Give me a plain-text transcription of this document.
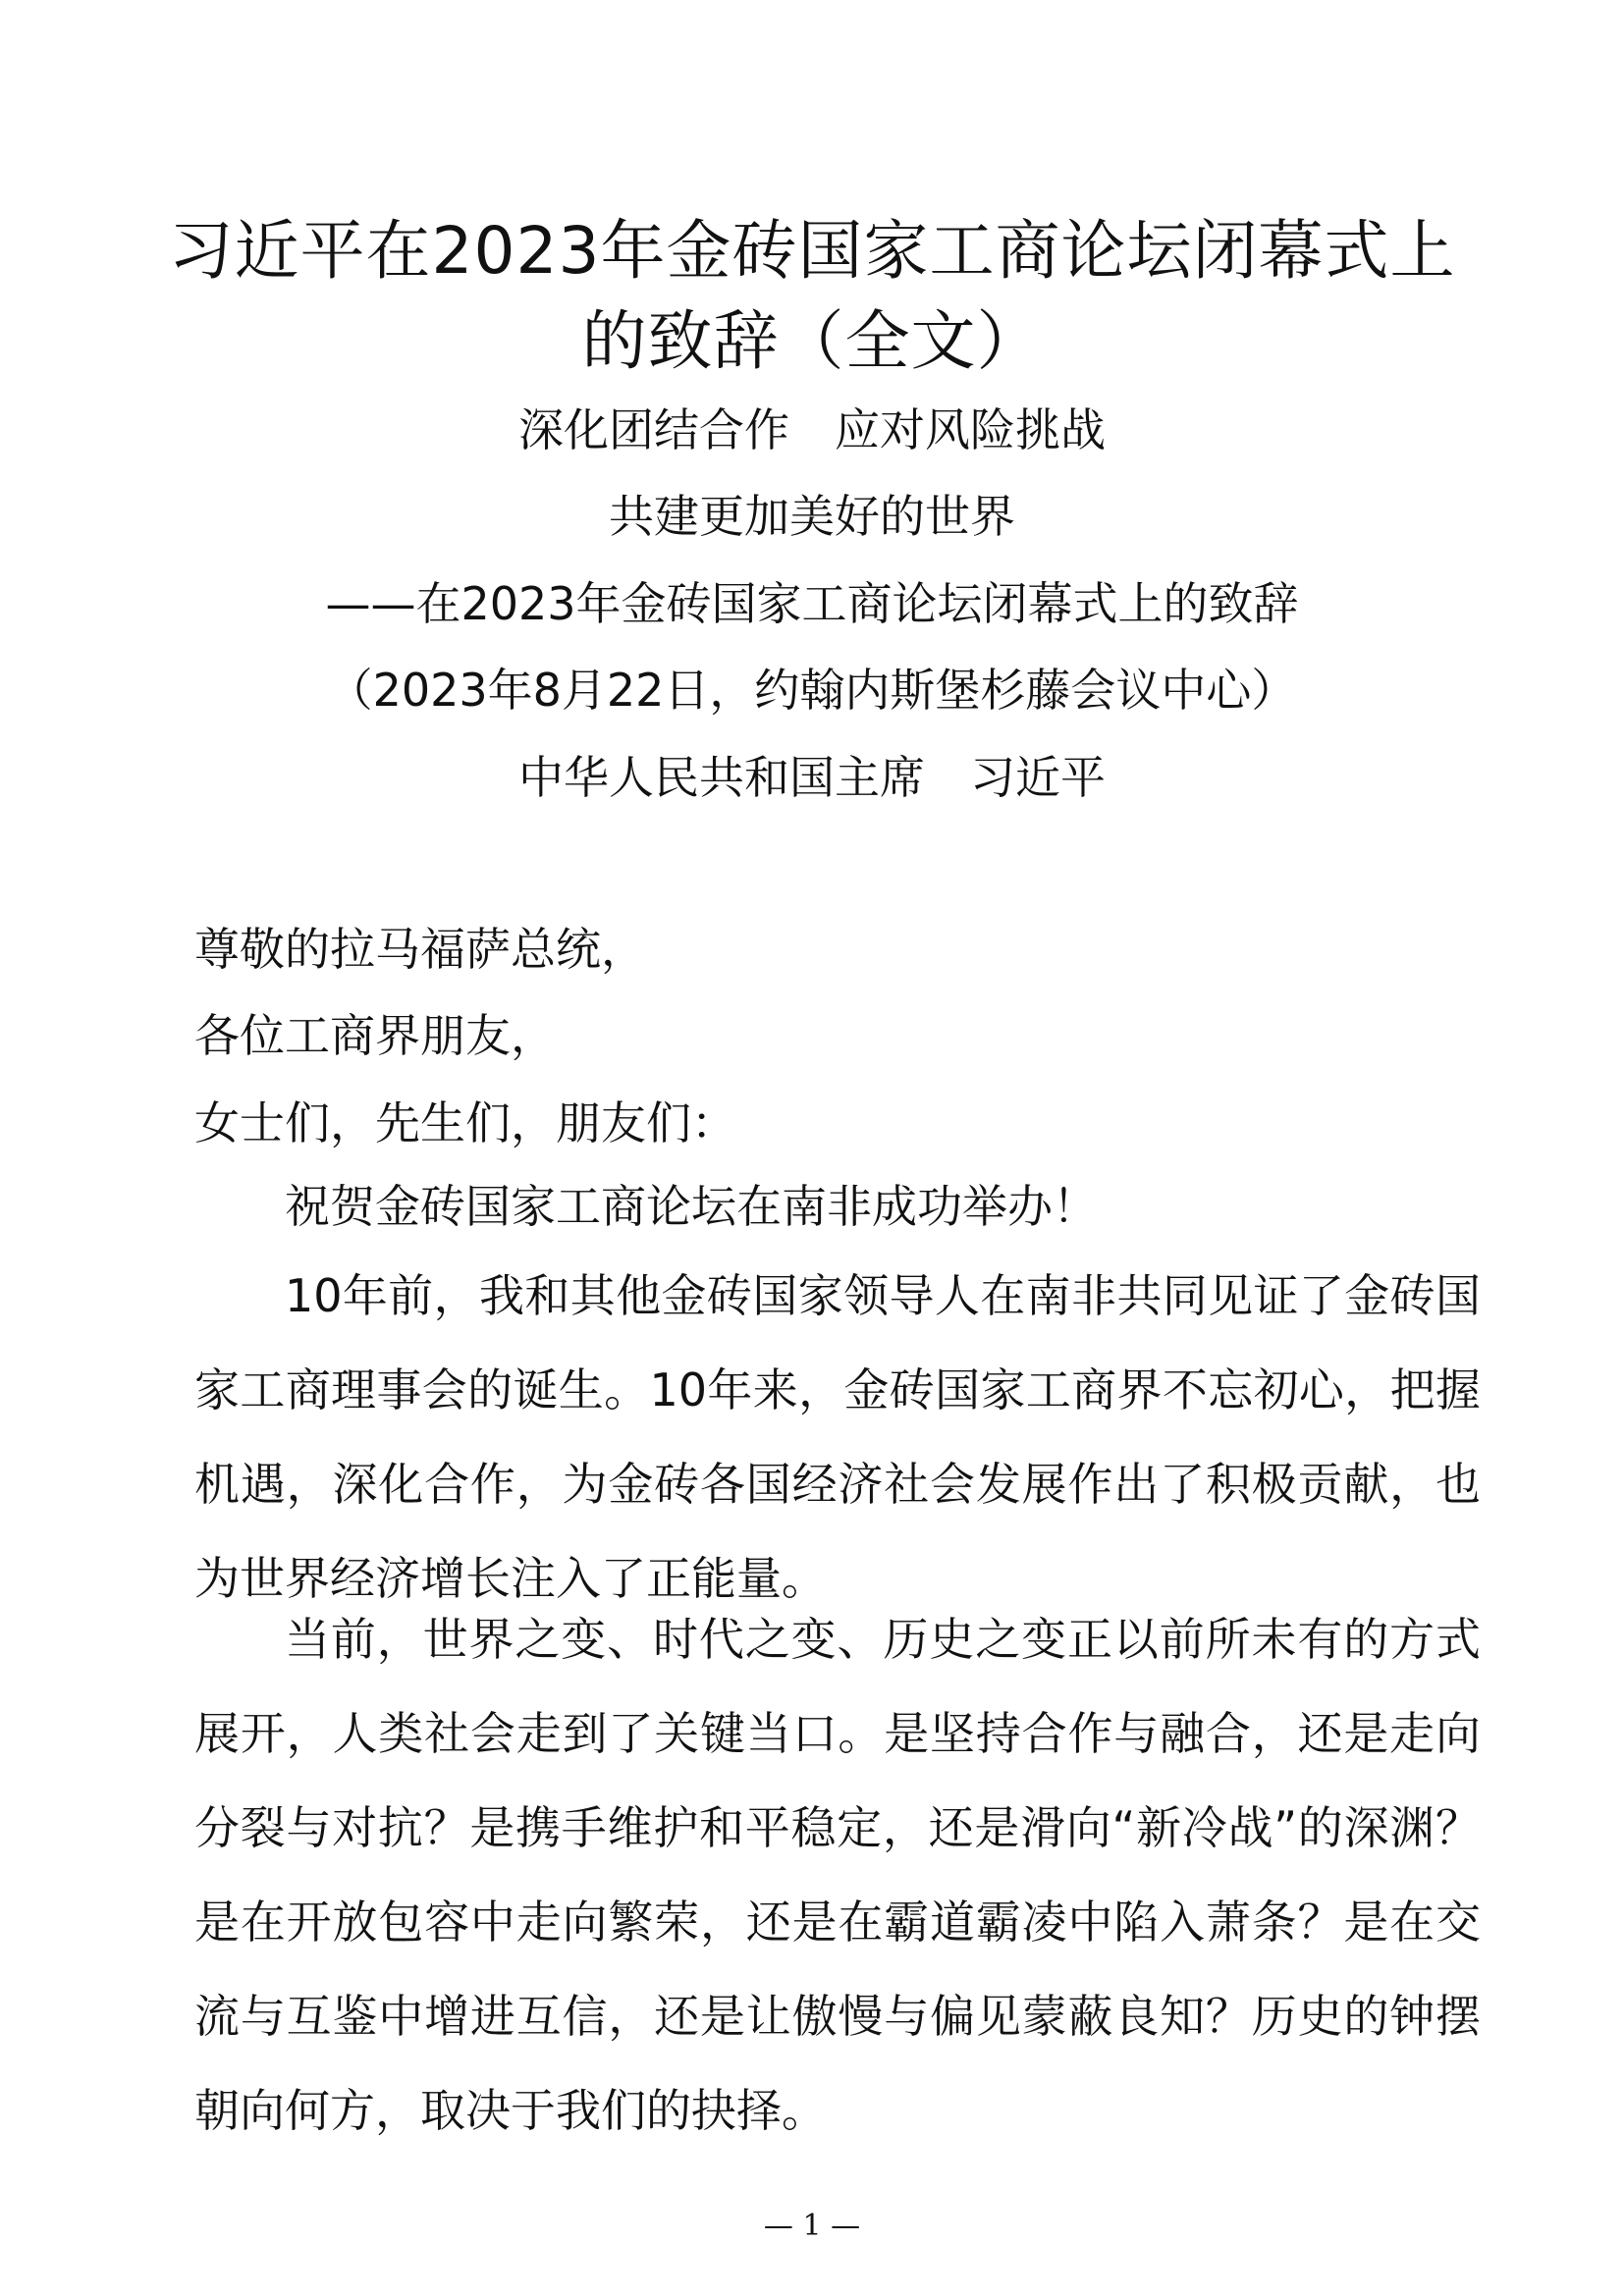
习近平在2023年金砖国家工商论坛闭幕式上的致辞（全文）
深化团结合作　应对风险挑战
共建更加美好的世界
——在2023年金砖国家工商论坛闭幕式上的致辞
（2023年8月22日，约翰内斯堡杉藤会议中心）
中华人民共和国主席　习近平
尊敬的拉马福萨总统，
各位工商界朋友，
女士们，先生们，朋友们：

祝贺金砖国家工商论坛在南非成功举办！

10年前，我和其他金砖国家领导人在南非共同见证了金砖国家工商理事会的诞生。10年来，金砖国家工商界不忘初心，把握机遇，深化合作，为金砖各国经济社会发展作出了积极贡献，也为世界经济增长注入了正能量。

当前，世界之变、时代之变、历史之变正以前所未有的方式展开，人类社会走到了关键当口。是坚持合作与融合，还是走向分裂与对抗？是携手维护和平稳定，还是滑向“新冷战”的深渊？是在开放包容中走向繁荣，还是在霸道霸凌中陷入萧条？是在交流与互鉴中增进互信，还是让傲慢与偏见蒙蔽良知？历史的钟摆朝向何方，取决于我们的抉择。

— 1 —
